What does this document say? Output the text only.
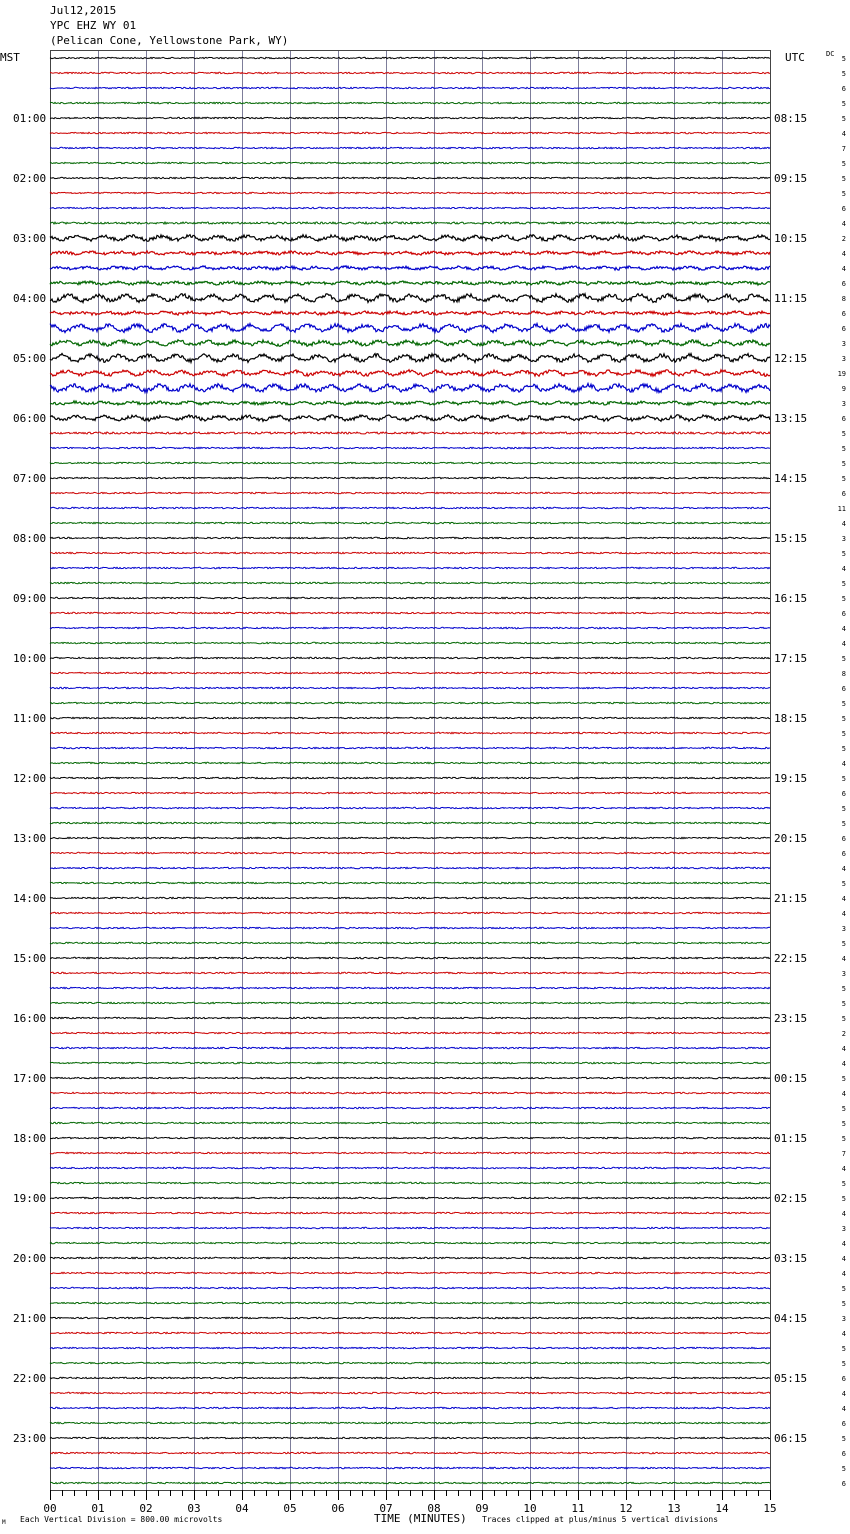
Jul12,2015
YPC EHZ WY 01
(Pelican Cone, Yellowstone Park, WY)
01:00	08:15
02:00	09:15
03:00	10:15
04:00	11:15
05:00	12:15
06:00	13:15
07:00	14:15
08:00	15:15
09:00	16:15
10:00	17:15
11:00	18:15
12:00	19:15
13:00	20:15
14:00	21:15
15:00	22:15
16:00	23:15
17:00	00:15
18:00	01:15
19:00	02:15
20:00	03:15
21:00	04:15
22:00	05:15
23:00	06:15
5
5
6
5
5
4
7
5
5
5
6
4
2
4
4
6
8
6
6
3
3
19
9
3
6
5
5
5
5
6
11
4
3
5
4
5
5
6
4
4
5
8
6
5
5
5
5
4
5
6
5
5
6
6
4
5
4
4
3
5
4
3
5
5
5
2
4
4
5
4
5
5
5
7
4
5
5
4
3
4
4
4
5
5
3
4
5
5
6
4
4
6
5
6
5
6
00	01	02	03	04	05	06	07	08	09	10	11	12	13	14	15
MST	UTC	DC
M Each Vertical Division = 800.00 microvolts	TIME (MINUTES) Traces clipped at plus/minus 5 vertical divisions
